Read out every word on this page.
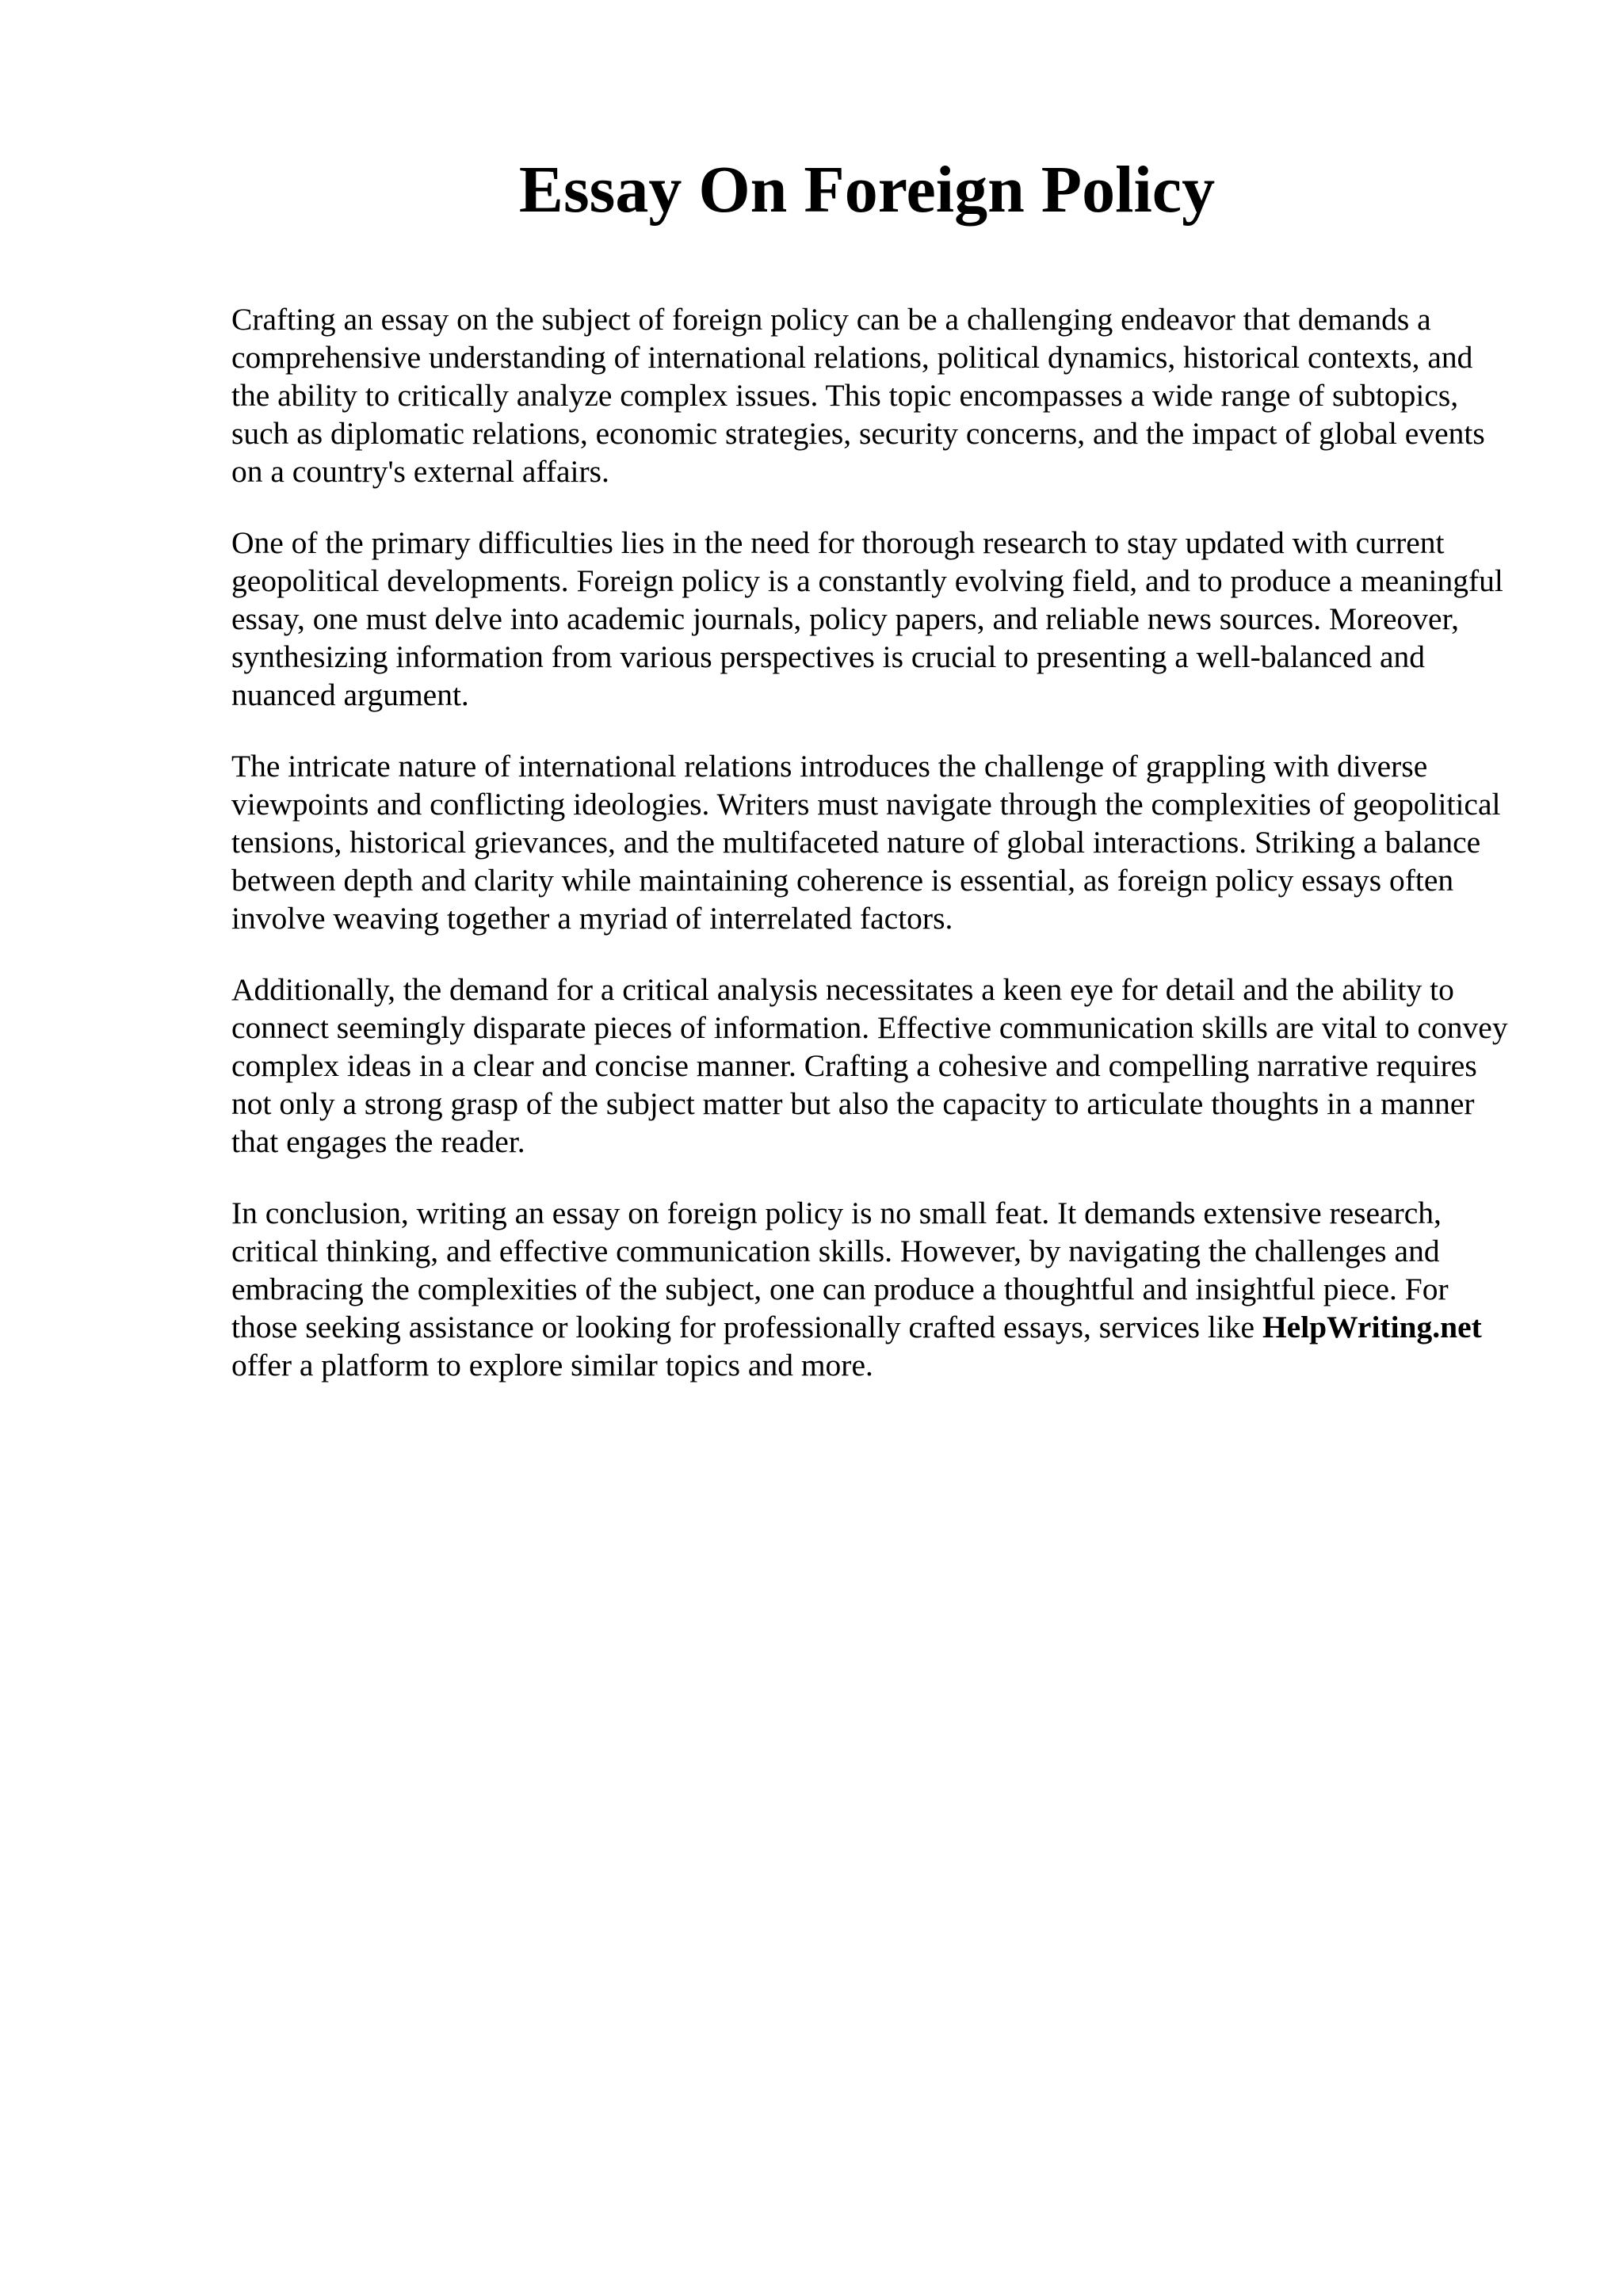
Essay On Foreign Policy

Crafting an essay on the subject of foreign policy can be a challenging endeavor that demands a comprehensive understanding of international relations, political dynamics, historical contexts, and the ability to critically analyze complex issues. This topic encompasses a wide range of subtopics, such as diplomatic relations, economic strategies, security concerns, and the impact of global events on a country's external affairs.

One of the primary difficulties lies in the need for thorough research to stay updated with current geopolitical developments. Foreign policy is a constantly evolving field, and to produce a meaningful essay, one must delve into academic journals, policy papers, and reliable news sources. Moreover, synthesizing information from various perspectives is crucial to presenting a well-balanced and nuanced argument.

The intricate nature of international relations introduces the challenge of grappling with diverse viewpoints and conflicting ideologies. Writers must navigate through the complexities of geopolitical tensions, historical grievances, and the multifaceted nature of global interactions. Striking a balance between depth and clarity while maintaining coherence is essential, as foreign policy essays often involve weaving together a myriad of interrelated factors.

Additionally, the demand for a critical analysis necessitates a keen eye for detail and the ability to connect seemingly disparate pieces of information. Effective communication skills are vital to convey complex ideas in a clear and concise manner. Crafting a cohesive and compelling narrative requires not only a strong grasp of the subject matter but also the capacity to articulate thoughts in a manner that engages the reader.

In conclusion, writing an essay on foreign policy is no small feat. It demands extensive research, critical thinking, and effective communication skills. However, by navigating the challenges and embracing the complexities of the subject, one can produce a thoughtful and insightful piece. For those seeking assistance or looking for professionally crafted essays, services like HelpWriting.net offer a platform to explore similar topics and more.
